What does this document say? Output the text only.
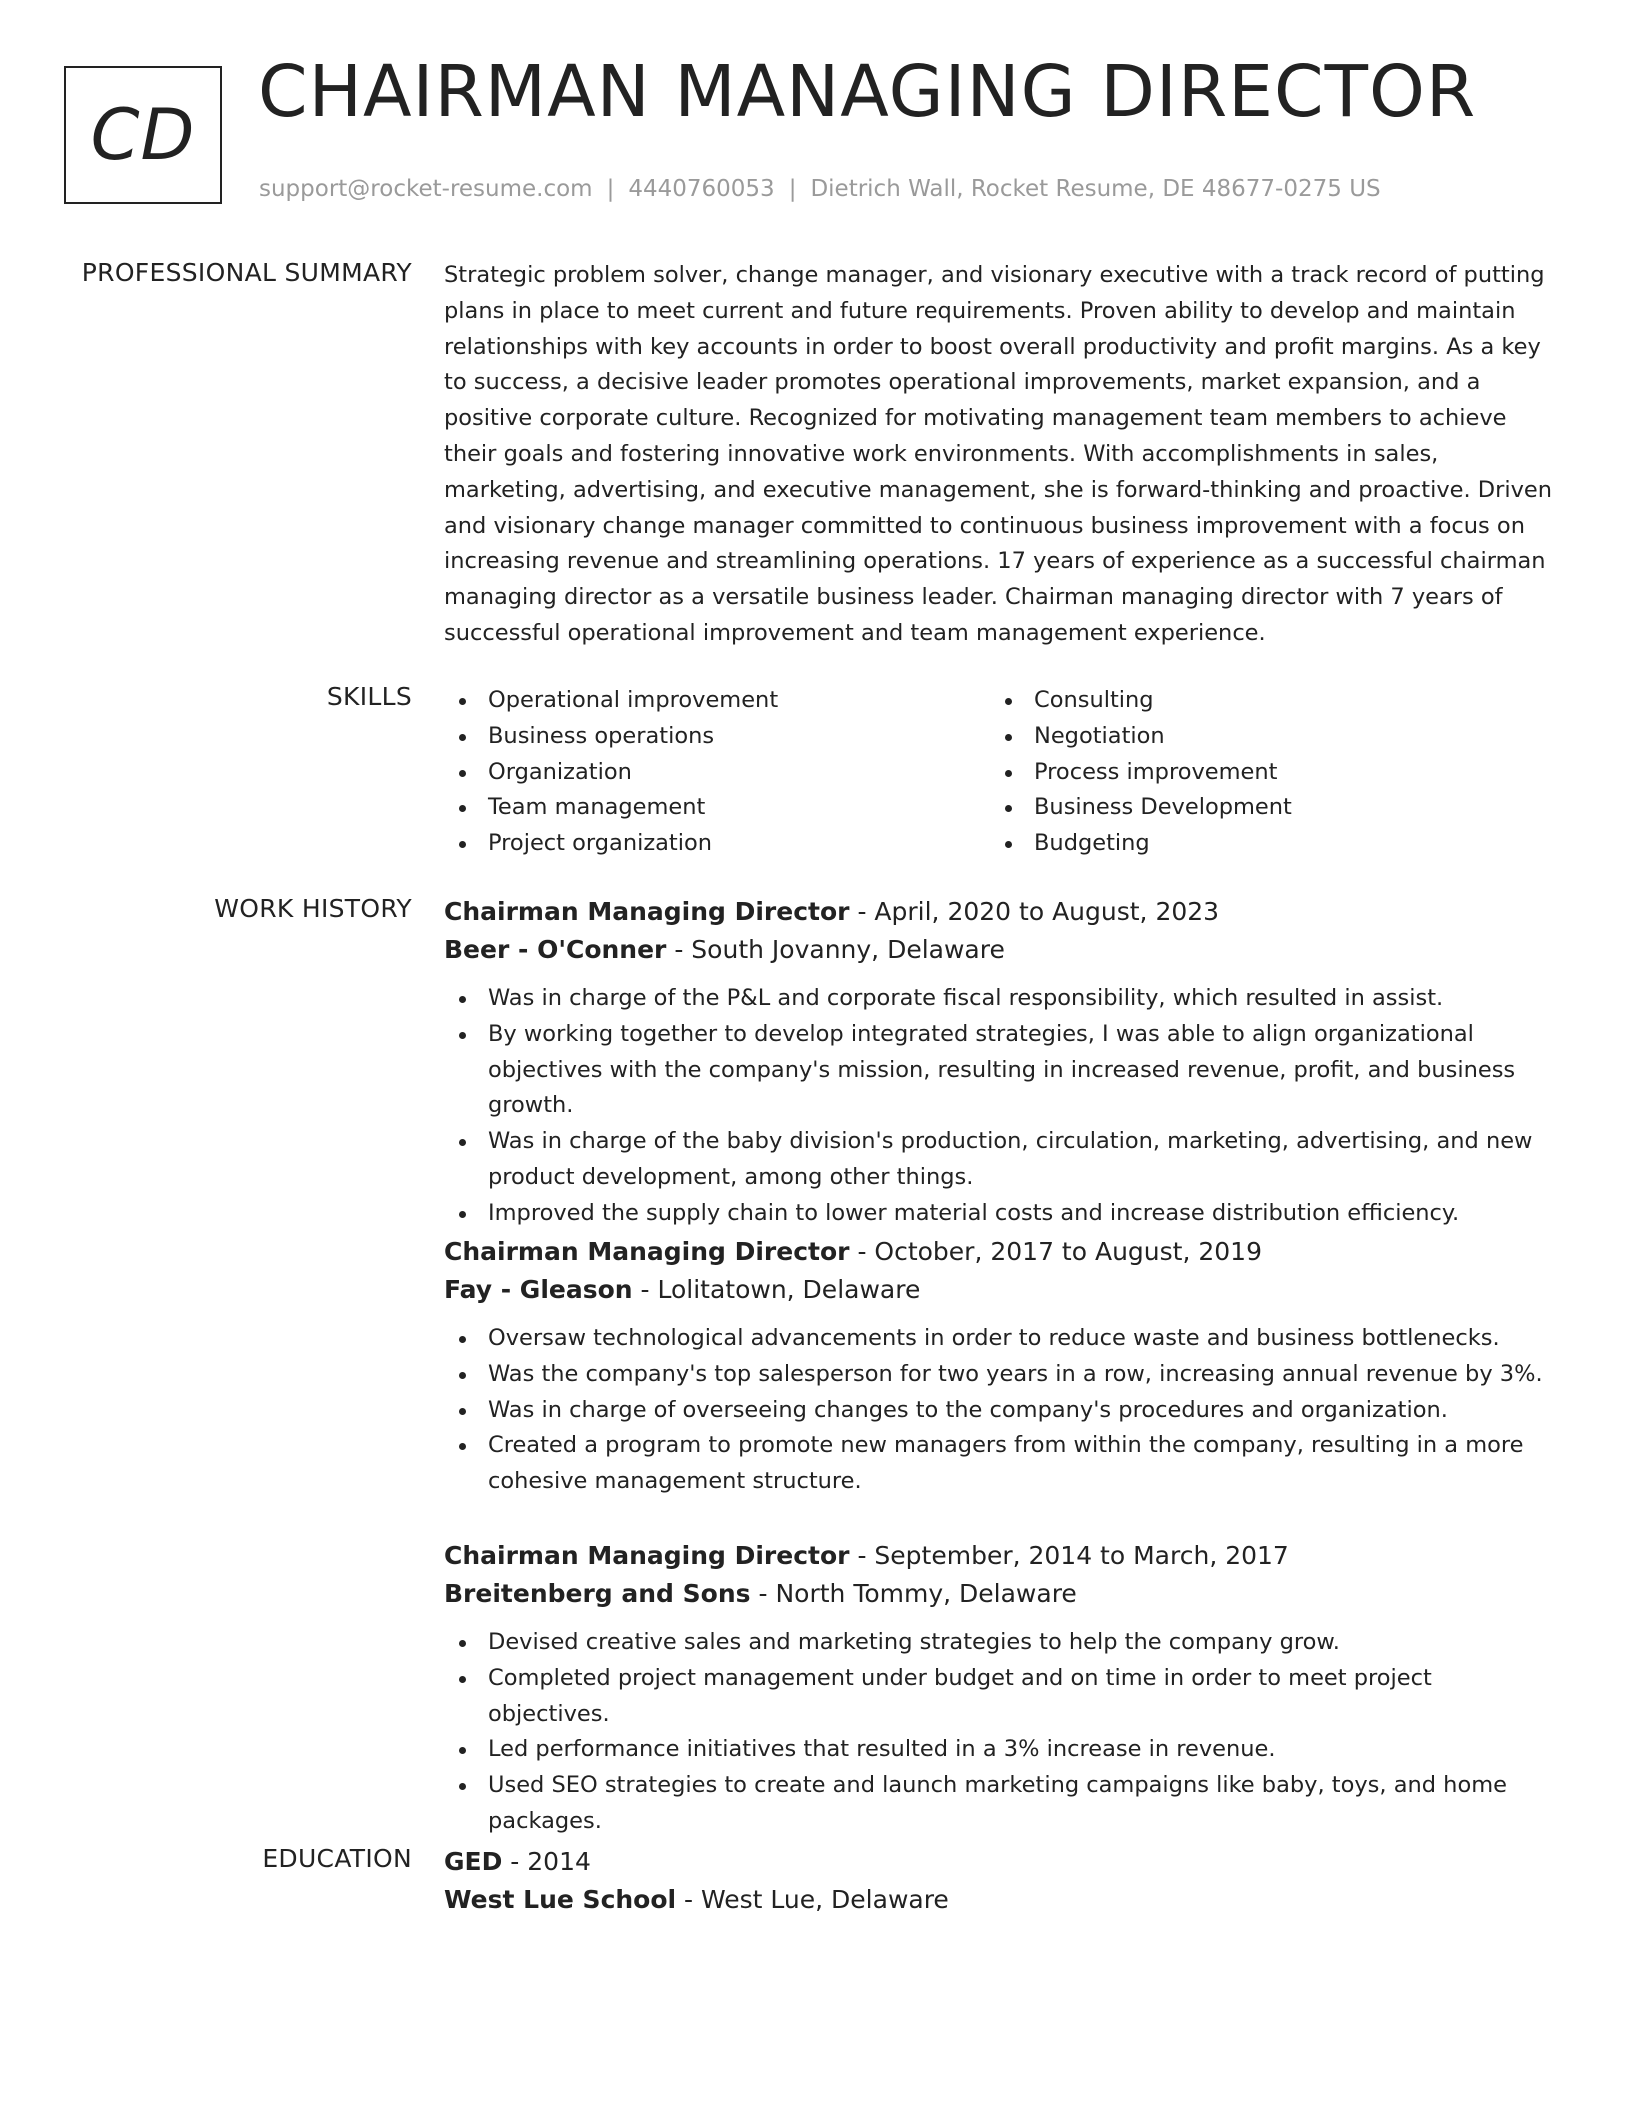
CD
CHAIRMAN MANAGING DIRECTOR
support@rocket-resume.com | 4440760053 | Dietrich Wall, Rocket Resume, DE 48677-0275 US
PROFESSIONAL SUMMARY Strategic problem solver, change manager, and visionary executive with a track record of putting plans in place to meet current and future requirements. Proven ability to develop and maintain relationships with key accounts in order to boost overall productivity and profit margins. As a key to success, a decisive leader promotes operational improvements, market expansion, and a positive corporate culture. Recognized for motivating management team members to achieve their goals and fostering innovative work environments. With accomplishments in sales, marketing, advertising, and executive management, she is forward-thinking and proactive. Driven and visionary change manager committed to continuous business improvement with a focus on increasing revenue and streamlining operations. 17 years of experience as a successful chairman managing director as a versatile business leader. Chairman managing director with 7 years of successful operational improvement and team management experience.
SKILLS	Operational improvement
Business operations
Organization
Team management
Project organization
Consulting
Negotiation
Process improvement
Business Development
Budgeting
WORK HISTORY Chairman Managing Director - April, 2020 to August, 2023
Beer - O'Conner - South Jovanny, Delaware
Was in charge of the P&L and corporate fiscal responsibility, which resulted in assist.
By working together to develop integrated strategies, I was able to align organizational objectives with the company's mission, resulting in increased revenue, profit, and business growth.
Was in charge of the baby division's production, circulation, marketing, advertising, and new product development, among other things.
Improved the supply chain to lower material costs and increase distribution efficiency.
Chairman Managing Director - October, 2017 to August, 2019
Fay - Gleason - Lolitatown, Delaware
Oversaw technological advancements in order to reduce waste and business bottlenecks.
Was the company's top salesperson for two years in a row, increasing annual revenue by 3%.
Was in charge of overseeing changes to the company's procedures and organization.
Created a program to promote new managers from within the company, resulting in a more cohesive management structure.
Chairman Managing Director - September, 2014 to March, 2017
Breitenberg and Sons - North Tommy, Delaware
Devised creative sales and marketing strategies to help the company grow.
Completed project management under budget and on time in order to meet project objectives.
Led performance initiatives that resulted in a 3% increase in revenue.
Used SEO strategies to create and launch marketing campaigns like baby, toys, and home packages.
EDUCATION GED - 2014
West Lue School - West Lue, Delaware
